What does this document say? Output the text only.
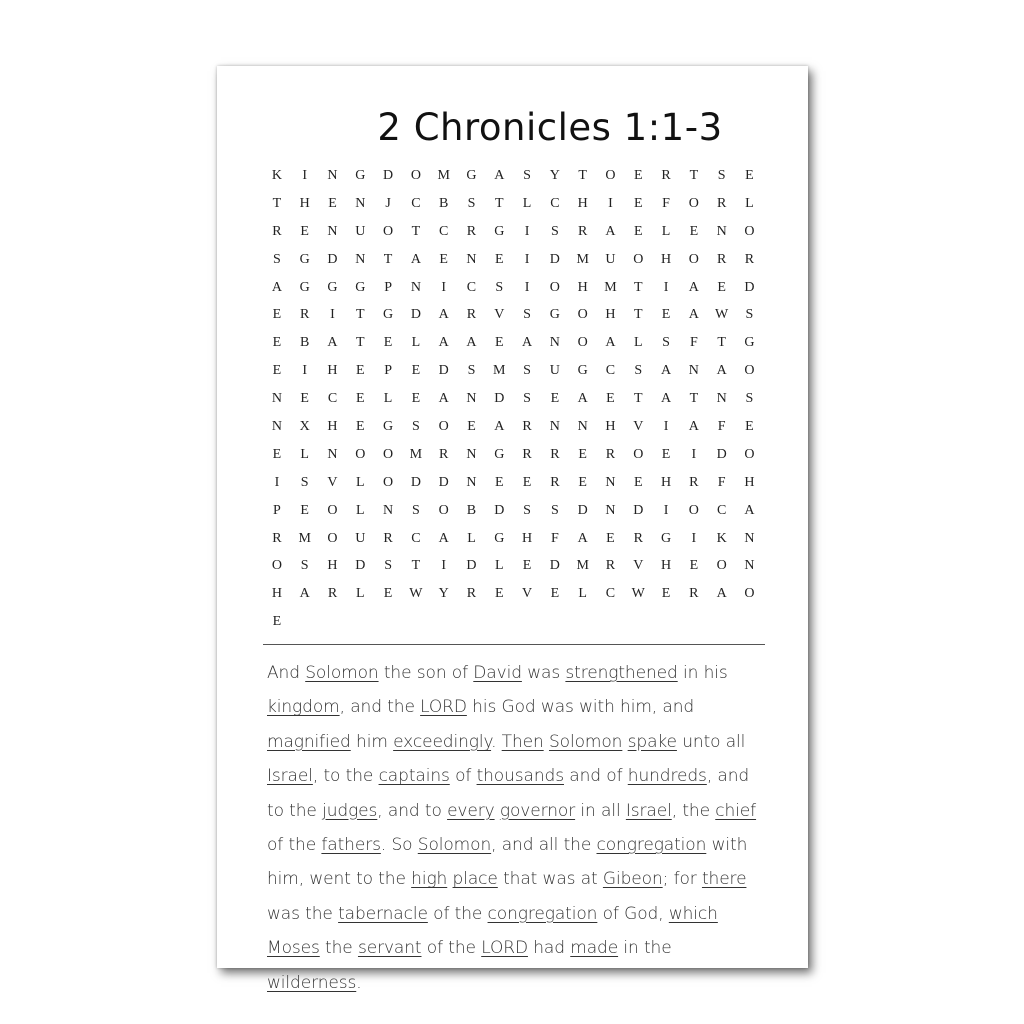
2 Chronicles 1:1-3
K	I	N	G	D	O	M	G	A	S	Y	T	O	E	R	T	S	E
T	H	E	N	J	C	B	S	T	L	C	H	I	E	F	O	R	L
R	E	N	U	O	T	C	R	G	I	S	R	A	E	L	E	N	O
S	G	D	N	T	A	E	N	E	I	D	M	U	O	H	O	R	R
A	G	G	G	P	N	I	C	S	I	O	H	M	T	I	A	E	D
E	R	I	T	G	D	A	R	V	S	G	O	H	T	E	A	W	S
E	B	A	T	E	L	A	A	E	A	N	O	A	L	S	F	T	G
E	I	H	E	P	E	D	S	M	S	U	G	C	S	A	N	A	O
N	E	C	E	L	E	A	N	D	S	E	A	E	T	A	T	N	S
N	X	H	E	G	S	O	E	A	R	N	N	H	V	I	A	F	E
E	L	N	O	O	M	R	N	G	R	R	E	R	O	E	I	D	O
I	S	V	L	O	D	D	N	E	E	R	E	N	E	H	R	F	H
P	E	O	L	N	S	O	B	D	S	S	D	N	D	I	O	C	A
R	M	O	U	R	C	A	L	G	H	F	A	E	R	G	I	K	N
O	S	H	D	S	T	I	D	L	E	D	M	R	V	H	E	O	N
H	A	R	L	E	W	Y	R	E	V	E	L	C	W	E	R	A	O
E
And Solomon the son of David was strengthened in his
kingdom, and the LORD his God was with him, and
magnified him exceedingly. Then Solomon spake unto all
Israel, to the captains of thousands and of hundreds, and
to the judges, and to every governor in all Israel, the chief
of the fathers. So Solomon, and all the congregation with
him, went to the high place that was at Gibeon; for there
was the tabernacle of the congregation of God, which
Moses the servant of the LORD had made in the wilderness.
